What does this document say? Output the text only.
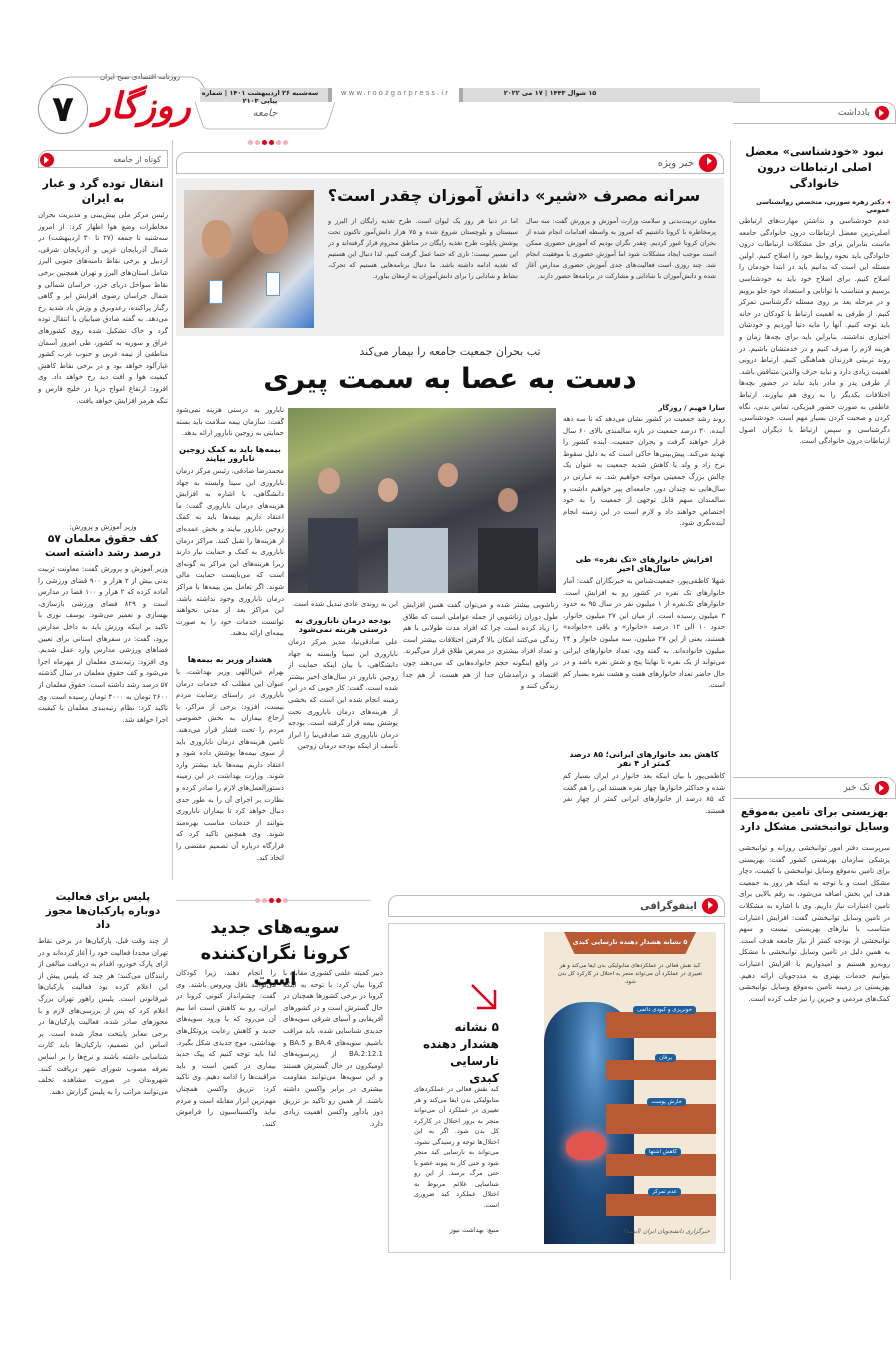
روزنامه اقتصادی صبح ایران
۷ روزگار سه‌شنبه ۲۶ اردیبهشت ۱۴۰۱ | شماره پیاپی ۲۱۰۳
www.roozgarpress.ir	۱۵ شوال ۱۴۴۳ | ۱۷ می ۲۰۲۲
جامعه	یادداشت
نبود «خودشناسی» معضل اصلی ارتباطات درون خانوادگی
◂ دکتر زهره سوزنی، متخصص روانشناسی عمومی
عدم خودشناسی و نداشتن مهارت‌های ارتباطی اصلی‌ترین معضل ارتباطات درون خانوادگی جامعه ماست بنابراین برای حل مشکلات ارتباطات درون خانوادگی باید نحوه روابط خود را اصلاح کنیم. اولین مسئله این است که بدانیم باید در ابتدا خودمان را اصلاح کنیم. برای اصلاح خود باید به خودشناسی برسیم و متناسب با توانایی و استعداد خود جلو برویم و در مرحله بعد بر روی مسئله دگرشناسی تمرکز کنیم. از طرفی به اهمیت ارتباط با کودکان در خانه باید توجه کنیم. آنها را مایه دنیا آوردیم و خودشان اختیاری نداشتند، بنابراین باید برای بچه‌ها زمان و هزینه لازم را صرف کنیم و در خدمتشان باشیم. در روند تربیتی فرزندان هماهنگی کنیم. ارتباط درونی اهمیت زیادی دارد و نباید حرف والدین متناقض باشد. از طرفی پدر و مادر باید نباید در حضور بچه‌ها اختلافات یکدیگر را به روی هم بیاورند. ارتباط عاطفی به صورت حضور فیزیکی، تماس بدنی، نگاه کردن و صحبت کردن بسیار مهم است. خودشناسی، دگرشناسی و سپس ارتباط با دیگران اصول ارتباطات درون خانوادگی است.
تک خبر
بهزیستی برای تامین به‌موقع وسایل توانبخشی مشکل دارد
سرپرست دفتر امور توانبخشی روزانه و توانبخشی پزشکی سازمان بهزیستی کشور گفت: بهزیستی برای تامین به‌موقع وسایل توانبخشی با کیفیت، دچار مشکل است و با توجه به اینکه هر روز به جمعیت هدف این بخش اضافه می‌شود، به رقم بالایی برای تامین اعتبارات نیاز داریم. وی با اشاره به مشکلات در تامین وسایل توانبخشی گفت: افزایش اعتبارات متناسب با نیازهای بهزیستی نیست و سهم توانبخشی از بودجه کمتر از نیاز جامعه هدف است. به همین دلیل در تامین وسایل توانبخشی با مشکل روبه‌رو هستیم و امیدواریم با افزایش اعتبارات بتوانیم خدمات بهتری به مددجویان ارائه دهیم. بهزیستی در زمینه تامین به‌موقع وسایل توانبخشی کمک‌های مردمی و خیرین را نیز جلب کرده است.
خبر ویژه
سرانه مصرف «شیر» دانش آموزان چقدر است؟
معاون تربیت‌بدنی و سلامت وزارت آموزش و پرورش گفت: سه سال پرمخاطره با کرونا داشتیم که امروز به واسطه اقدامات انجام شده از بحران کرونا عبور کردیم. چقدر نگران بودیم که آموزش حضوری ممکن است موجب ایجاد مشکلات شود اما آموزش حضوری با موفقیت انجام شد. چند روزی است فعالیت‌های جدی آموزش حضوری مدارس آغاز شده و دانش‌آموزان با شادابی و مشارکت در برنامه‌ها حضور دارند.
اما در دنیا هر روز یک لیوان است. طرح تغذیه رایگان از البرز و سیستان و بلوچستان شروع شده و ۷۵ هزار دانش‌آموز تاکنون تحت پوشش پایلوت طرح تغذیه رایگان در مناطق محروم قرار گرفته‌اند و در این مسیر نیست؛ تاری که حتما عمل گرفت کنیم. لذا دنبال این هستیم که تغذیه ادامه داشته باشد. ما دنبال برنامه‌هایی هستیم که تحرک، نشاط و شادابی را برای دانش‌آموزان به ارمغان بیاورد.
تب بحران جمعیت جامعه را بیمار می‌کند
دست به عصا به سمت پیری
سارا فهیم / روزگار
روند رشد جمعیت در کشور نشان می‌دهد که تا سه دهه آینده، ۳۰ درصد جمعیت در بازه سالمندی بالای ۶۰ سال قرار خواهند گرفت و بحران جمعیت، آینده کشور را تهدید می‌کند. پیش‌بینی‌ها حاکی است که به دلیل سقوط نرخ زاد و ولد یا کاهش شدید جمعیت به عنوان یک چالش بزرگ جمعیتی مواجه خواهیم شد. به عبارتی در سال‌هایی نه چندان دور، جامعه‌ای پیر خواهیم داشت و سالمندان سهم قابل توجهی از جمعیت را به خود اختصاص خواهند داد و لازم است در این زمینه انجام آینده‌نگری شود.
افزایش خانوارهای «تک نفره» طی سال‌های اخیر
شهلا کاظمی‌پور، جمعیت‌شناس به خبرنگاران گفت: آمار خانوارهای تک نفره در کشور رو به افزایش است. خانوارهای تک‌نفره از ۱ میلیون نفر در سال ۹۵ به حدود ۳ میلیون رسیده است. از میان این ۲۷ میلیون خانوار، حدود ۱۰ الی ۱۲ درصد «خانوار» و باقی «خانواده» هستند، یعنی از این ۲۷ میلیون، سه میلیون خانوار و ۲۴ میلیون خانواده‌اند. به گفته وی، تعداد خانوارهای ایرانی می‌تواند از یک نفره تا نهایتا پنج و شش نفره باشد و در حال حاضر تعداد خانوارهای هفت و هشت نفره بسیار کم است.
کاهش بعد خانوارهای ایرانی؛ ۸۵ درصد کمتر از ۴ نفر
کاظمی‌پور با بیان اینکه بعد خانوار در ایران بسیار کم شده و حداکثر خانوارها چهار نفره هستند این را هم گفت که ۸۵ درصد از خانوارهای ایرانی کمتر از چهار نفر هستند.
این به روندی عادی تبدیل شده است. زناشویی بیشتر شده و می‌توان گفت همین افزایش طول دوران زناشویی از جمله عواملی است که طلاق را زیاد کرده است چرا که افراد مدت طولانی با هم زندگی می‌کنند امکان بالا گرفتن اختلافات بیشتر است و تعداد افراد بیشتری در معرض طلاق قرار می‌گیرند. در واقع اینگونه حجم خانواده‌هایی که می‌دهند چون اقتصاد و درآمدشان جدا از هم هست، از هم جدا زندگی کنند و
بودجه درمان ناباروری به درستی هزینه نمی‌شود
علی صادقی‌نیا، مدیر مرکز درمان ناباروری ابن سینا وابسته به جهاد دانشگاهی، با بیان اینکه حمایت از زوجین نابارور در سال‌های اخیر بیشتر شده است، گفت: کار خوبی که در این زمینه انجام شده این است که بخشی از هزینه‌های درمان ناباروری تحت پوشش بیمه قرار گرفته است. بودجه درمان ناباروری شد صادقی‌نیا را ابراز تأسف از اینکه بودجه درمان زوجین
نابارور به درستی هزینه نمی‌شود گفت: سازمان بیمه سلامت باید بسته حمایتی به زوجین نابارور ارائه بدهد.
بیمه‌ها باید به کمک زوجین نابارور بیایند
محمدرضا صادقی، رئیس مرکز درمان ناباروری ابن سینا وابسته به جهاد دانشگاهی، با اشاره به افزایش هزینه‌های درمان ناباروری گفت: ما اعتقاد داریم بیمه‌ها باید به کمک زوجین نابارور بیایند و بخش عمده‌ای از هزینه‌ها را تقبل کنند. مراکز درمان ناباروری به کمک و حمایت نیاز دارند زیرا هزینه‌های این مراکز به گونه‌ای است که می‌بایست حمایت مالی شوند. اگر تعامل بین بیمه‌ها با مراکز درمان ناباروری وجود نداشته باشد، این مراکز بعد از مدتی نخواهند توانست خدمات خود را به صورت بیمه‌ای ارائه بدهند.
هشدار وزیر به بیمه‌ها
بهرام عین‌اللهی وزیر بهداشت، با عنوان این مطلب که خدمات درمان ناباروری در راستای رضایت مردم نیست، افزود: برخی از مراکز، با ارجاع بیماران به بخش خصوصی مردم را تحت فشار قرار می‌دهند. تامین هزینه‌های درمان ناباروری باید از سوی بیمه‌ها پوشش داده شود و اعتقاد داریم بیمه‌ها باید بیشتر وارد شوند. وزارت بهداشت در این زمینه دستورالعمل‌های لازم را صادر کرده و نظارت بر اجرای آن را به طور جدی دنبال خواهد کرد تا بیماران ناباروری بتوانند از خدمات مناسب بهره‌مند شوند. وی همچنین تاکید کرد که قرارگاه درباره آن تصمیم مقتضی را اتخاذ کند.
کوتاه از جامعه
انتقال توده گرد و غبار به ایران
رئیس مرکز ملی پیش‌بینی و مدیریت بحران مخاطرات وضع هوا اظهار کرد: از امروز سه‌شنبه تا جمعه (۲۷ تا ۳۰ اردیبهشت) در شمال آذربایجان غربی و آذربایجان شرقی، اردبیل و برخی نقاط دامنه‌های جنوبی البرز شامل استان‌های البرز و تهران همچنین برخی نقاط سواحل دریای خزر، خراسان شمالی و شمال خراسان رضوی افزایش ابر و گاهی رگبار پراکنده، رعدوبرق و وزش باد شدید رخ می‌دهد. به گفته صادق ضیاییان با انتقال توده گرد و خاک تشکیل شده روی کشورهای عراق و سوریه به کشور، طی امروز آسمان مناطقی از نیمه غربی و جنوب غرب کشور غبارآلود خواهد بود و در برخی نقاط کاهش کیفیت هوا و افت دید رخ خواهد داد. وی افزود: ارتفاع امواج دریا در خلیج فارس و تنگه هرمز افزایش خواهد یافت.
وزیر آموزش و پرورش:
کف حقوق معلمان ۵۷ درصد رشد داشته است
وزیر آموزش و پرورش گفت: معاونت تربیت بدنی بیش از ۲ هزار و ۹۰۰ فضای ورزشی را آماده کرده که ۲ هزار و ۱۰۰ فضا در مدارس است و ۸۲۹ فضای ورزشی بازسازی، بهسازی و تعمیر می‌شود. یوسف نوری با تاکید بر اینکه ورزش باید به داخل مدارس برود، گفت: در سفرهای استانی برای تعیین فضاهای ورزشی مدارس وارد عمل شدیم. وی افزود: رتبه‌بندی معلمان از مهرماه اجرا می‌شود و کف حقوق معلمان در سال گذشته ۵۷ درصد رشد داشته است. حقوق معلمان از ۲۶۰۰ تومان به ۴۰۰۰ تومان رسیده است. وی تاکید کرد: نظام رتبه‌بندی معلمان با کیفیت اجرا خواهد شد.
پلیس برای فعالیت دوباره پارکبان‌ها مجوز داد
از چند وقت قبل، پارکبان‌ها در برخی نقاط تهران مجددا فعالیت خود را آغاز کرده‌اند و در ازای پارک خودرو، اقدام به دریافت مبالغی از رانندگان می‌کنند؛ هر چند که پلیس پیش از این اعلام کرده بود فعالیت پارکبان‌ها غیرقانونی است. پلیس راهور تهران بزرگ اعلام کرد که پس از بررسی‌های لازم و با مجوزهای صادر شده، فعالیت پارکبان‌ها در برخی معابر پایتخت مجاز شده است. بر اساس این تصمیم، پارکبان‌ها باید کارت شناسایی داشته باشند و نرخ‌ها را بر اساس تعرفه مصوب شورای شهر دریافت کنند. شهروندان در صورت مشاهده تخلف می‌توانند مراتب را به پلیس گزارش دهند.
سویه‌های جدید کرونا نگران‌کننده است
دبیر کمیته علمی کشوری مقابله با کرونا بیان کرد: با توجه به اینکه کرونا در برخی کشورها همچنان در حال گسترش است و در کشورهای آفریقایی و آسیای شرقی سویه‌های جدیدی شناسایی شده، باید مراقب باشیم. سویه‌های BA.4 و BA.5 و BA.2.12.1 از زیرسویه‌های اومیکرون در حال گسترش هستند و این سویه‌ها می‌توانند مقاومت بیشتری در برابر واکسن داشته باشند. از همین رو تاکید بر تزریق دوز یادآور واکسن اهمیت زیادی دارد.
را انجام دهند، زیرا کودکان می‌توانند ناقل ویروس باشند. وی گفت: چشم‌انداز کنونی کرونا در ایران، رو به کاهش است اما بیم آن می‌رود که با ورود سویه‌های جدید و کاهش رعایت پروتکل‌های بهداشتی، موج جدیدی شکل بگیرد. لذا باید توجه کنیم که پیک جدید بیماری در کمین است و باید مراقبت‌ها را ادامه دهیم. وی تاکید کرد: تزریق واکسن همچنان مهم‌ترین ابزار مقابله است و مردم نباید واکسیناسیون را فراموش کنند.
اینفوگرافی
۵ نشانه هشدار دهنده نارسایی کبدی
کبد نقش فعالی در عملکردهای متابولیکی بدن ایفا می‌کند و هر تغییری در عملکرد آن می‌تواند منجر به اختلال در کارکرد کل بدن شود.
خونریزی و کبودی دائمی
یرقان
خارش پوست
کاهش اشتها
عدم تمرکز
خبرگزاری دانشجویان ایران (ایسنا)
۵ نشانه هشدار دهنده نارسایی کبدی
کبد نقش فعالی در عملکردهای متابولیکی بدن ایفا می‌کند و هر تغییری در عملکرد آن می‌تواند منجر به بروز اختلال در کارکرد کل بدن شود. اگر به این اختلال‌ها توجه و رسیدگی نشود، می‌تواند به نارسایی کبد منجر شود و حتی کار به پیوند عضو یا حتی مرگ برسد. از این رو شناسایی علائم مربوط به اختلال عملکرد کبد ضروری است.
منبع: بهداشت نیوز
